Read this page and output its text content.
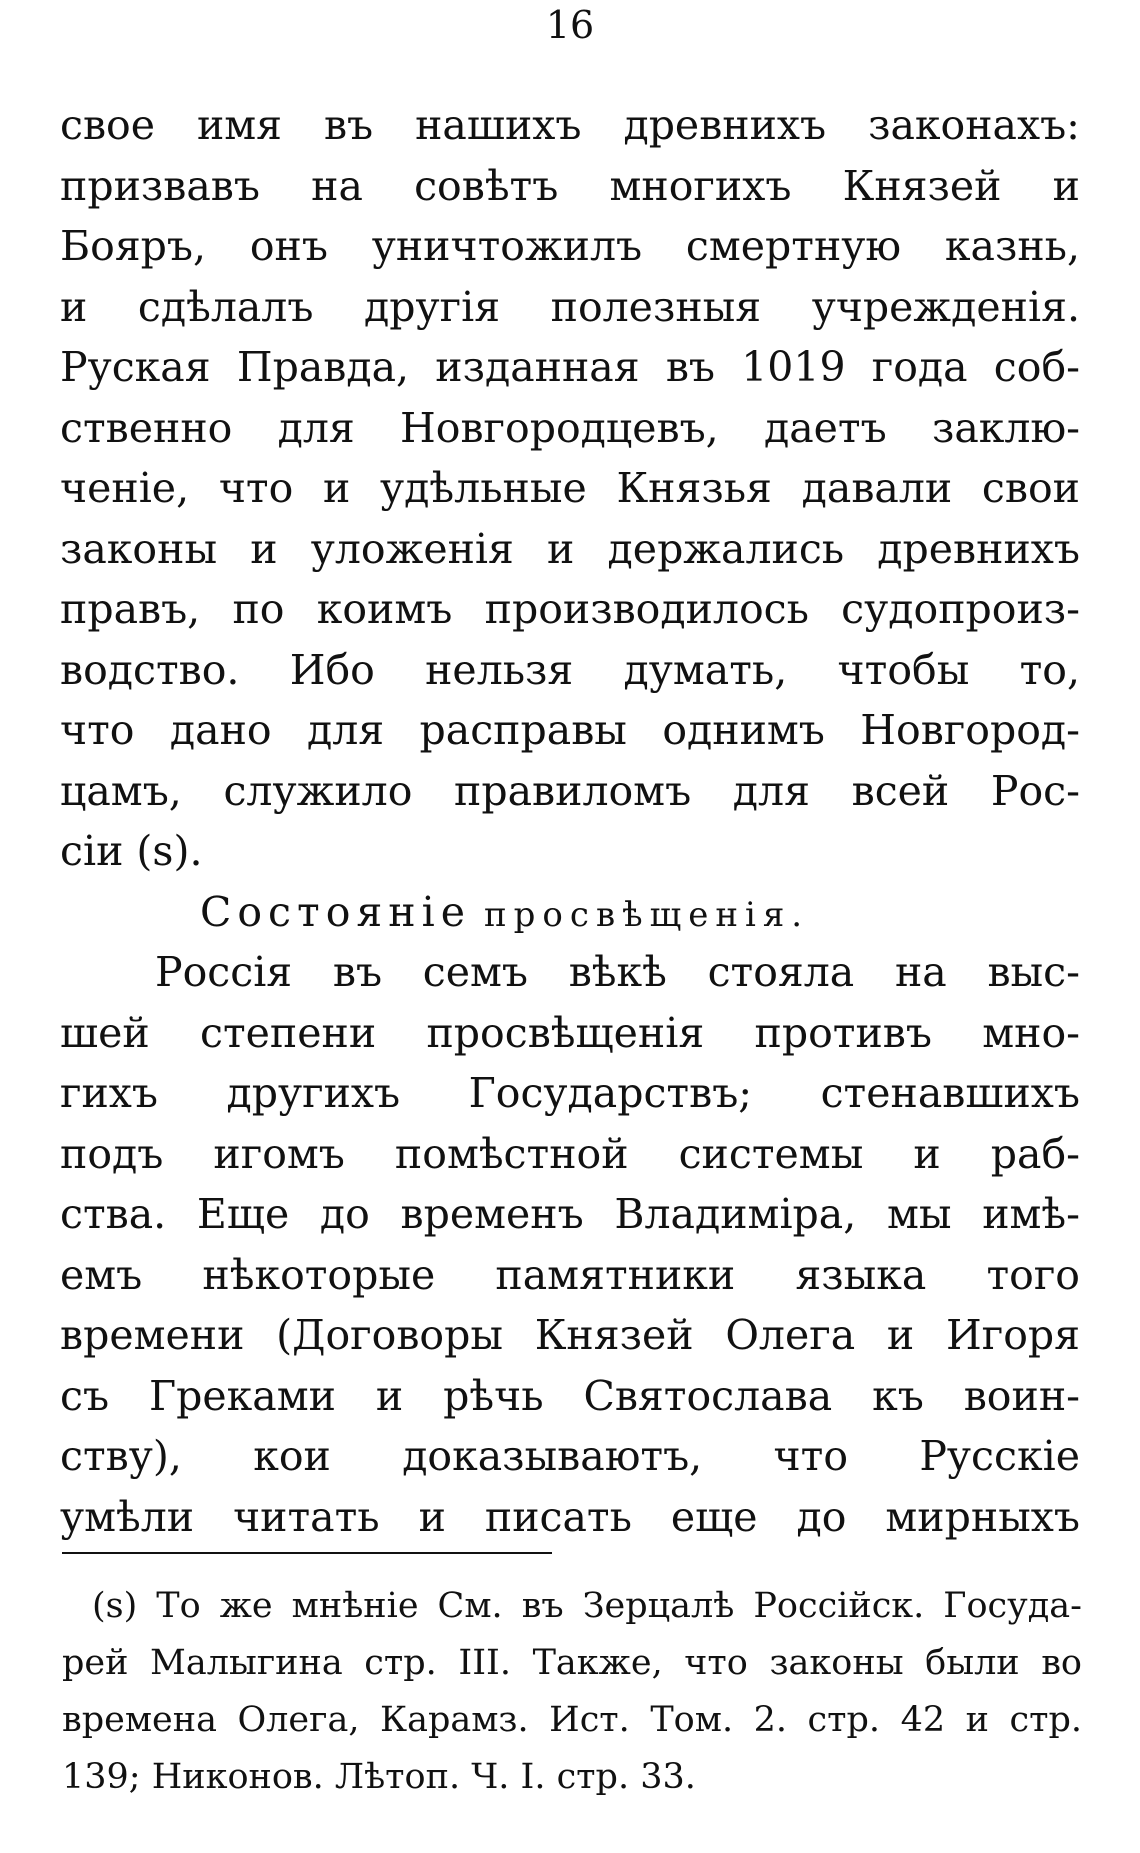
16
свое имя въ нашихъ древнихъ законахъ:
призвавъ на совѣтъ многихъ Князей и
Бояръ, онъ уничтожилъ смертную казнь,
и сдѣлалъ другія полезныя учрежденія.
Руская Правда, изданная въ 1019 года соб-
ственно для Новгородцевъ, даетъ заклю-
ченіе, что и удѣльные Князья давали свои
законы и уложенія и держались древнихъ
правъ, по коимъ производилось судопроиз-
водство. Ибо нельзя думать, чтобы то,
что дано для расправы однимъ Новгород-
цамъ, служило правиломъ для всей Рос-
сіи (s).
Состояніе просвѣщенія.
Россія въ семъ вѣкѣ стояла на выс-
шей степени просвѣщенія противъ мно-
гихъ другихъ Государствъ; стенавшихъ
подъ игомъ помѣстной системы и раб-
ства. Еще до временъ Владиміра, мы имѣ-
емъ нѣкоторые памятники языка того
времени (Договоры Князей Олега и Игоря
съ Греками и рѣчь Святослава къ воин-
ству), кои доказываютъ, что Русскіе
умѣли читать и писать еще до мирныхъ
(s) То же мнѣніе См. въ Зерцалѣ Россійск. Госуда-
рей Малыгина стр. III. Также, что законы были во
времена Олега, Карамз. Ист. Том. 2. стр. 42 и стр.
139; Никонов. Лѣтоп. Ч. I. стр. 33.
